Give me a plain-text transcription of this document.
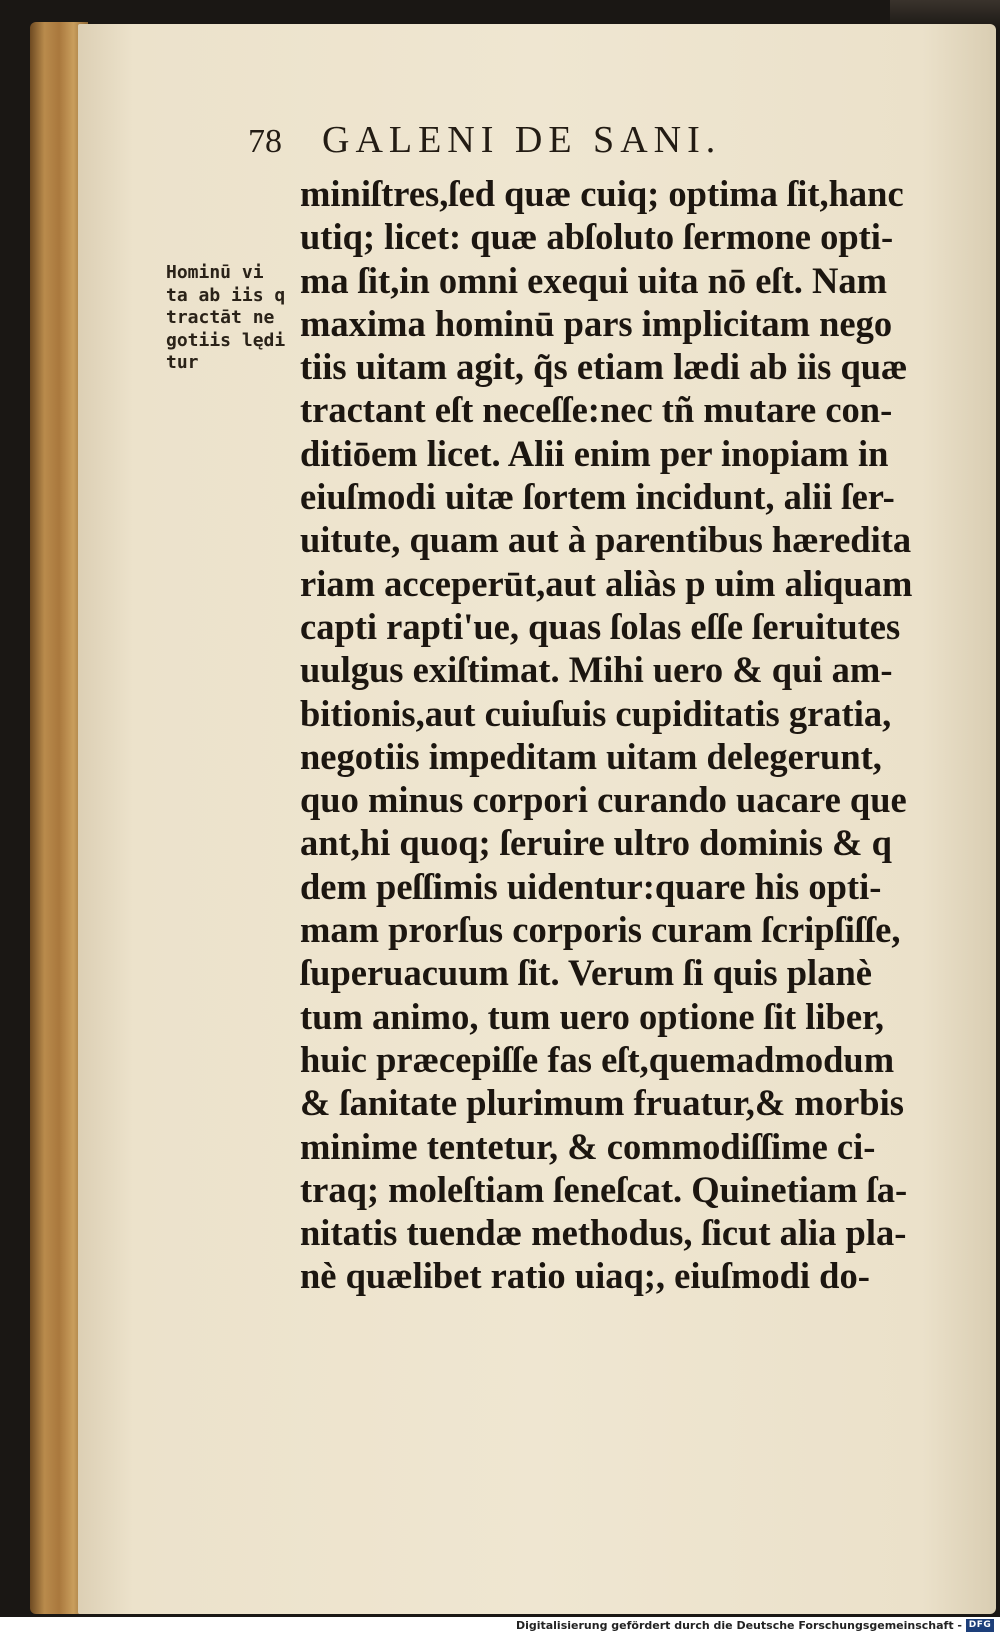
78 GALENI DE SANI.
Hominū vi
ta ab iis q
tractāt ne
gotiis lędi
tur
miniſtres,ſed quæ cuiq; optima ſit,hanc
utiq; licet: quæ abſoluto ſermone opti-
ma ſit,in omni exequi uita nō eſt. Nam
maxima hominū pars implicitam nego
tiis uitam agit, q̃s etiam lædi ab iis quæ
tractant eſt neceſſe:nec tñ mutare con-
ditiōem licet. Alii enim per inopiam in
eiuſmodi uitæ ſortem incidunt, alii ſer-
uitute, quam aut à parentibus hæredita
riam acceperūt,aut aliàs p uim aliquam
capti rapti'ue, quas ſolas eſſe ſeruitutes
uulgus exiſtimat. Mihi uero & qui am-
bitionis,aut cuiuſuis cupiditatis gratia,
negotiis impeditam uitam delegerunt,
quo minus corpori curando uacare que
ant,hi quoq; ſeruire ultro dominis & q
dem peſſimis uidentur:quare his opti-
mam prorſus corporis curam ſcripſiſſe,
ſuperuacuum ſit. Verum ſi quis planè
tum animo, tum uero optione ſit liber,
huic præcepiſſe fas eſt,quemadmodum
& ſanitate plurimum fruatur,& morbis
minime tentetur, & commodiſſime ci-
traq; moleſtiam ſeneſcat. Quinetiam ſa-
nitatis tuendæ methodus, ſicut alia pla-
nè quælibet ratio uiaq;, eiuſmodi do-
Digitalisierung gefördert durch die Deutsche Forschungsgemeinschaft - DFG
